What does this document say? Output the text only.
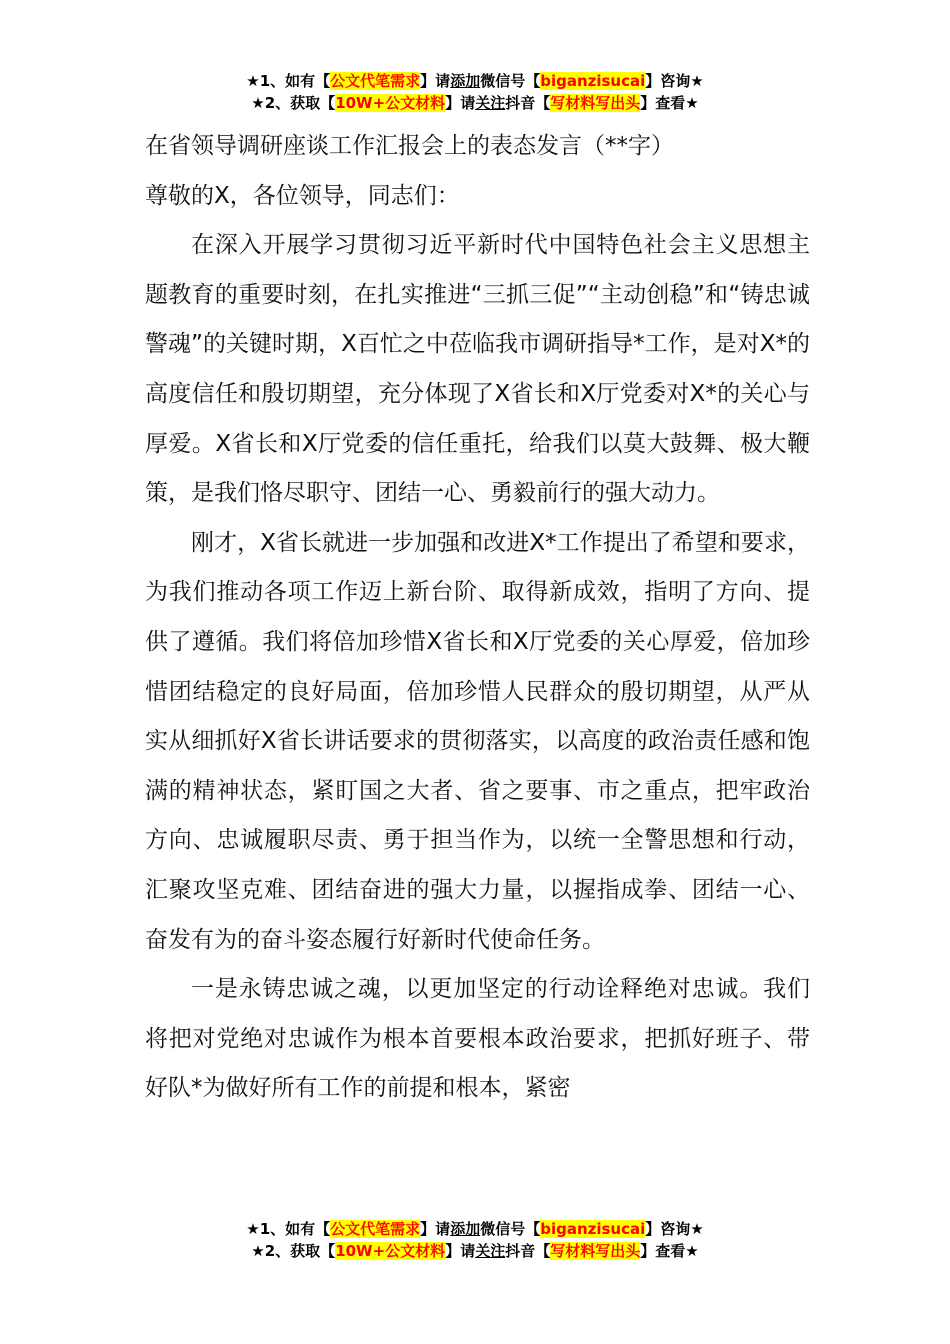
★1、如有【公文代笔需求】请添加微信号【biganzisucai】咨询★
★2、获取【10W+公文材料】请关注抖音【写材料写出头】查看★

在省领导调研座谈工作汇报会上的表态发言（**字）

尊敬的X，各位领导，同志们：

在深入开展学习贯彻习近平新时代中国特色社会主义思想主题教育的重要时刻，在扎实推进“三抓三促”“主动创稳”和“铸忠诚警魂”的关键时期，X百忙之中莅临我市调研指导*工作，是对X*的高度信任和殷切期望，充分体现了X省长和X厅党委对X*的关心与厚爱。X省长和X厅党委的信任重托，给我们以莫大鼓舞、极大鞭策，是我们恪尽职守、团结一心、勇毅前行的强大动力。

刚才，X省长就进一步加强和改进X*工作提出了希望和要求，为我们推动各项工作迈上新台阶、取得新成效，指明了方向、提供了遵循。我们将倍加珍惜X省长和X厅党委的关心厚爱，倍加珍惜团结稳定的良好局面，倍加珍惜人民群众的殷切期望，从严从实从细抓好X省长讲话要求的贯彻落实，以高度的政治责任感和饱满的精神状态，紧盯国之大者、省之要事、市之重点，把牢政治方向、忠诚履职尽责、勇于担当作为，以统一全警思想和行动，汇聚攻坚克难、团结奋进的强大力量，以握指成拳、团结一心、奋发有为的奋斗姿态履行好新时代使命任务。

一是永铸忠诚之魂，以更加坚定的行动诠释绝对忠诚。我们将把对党绝对忠诚作为根本首要根本政治要求，把抓好班子、带好队*为做好所有工作的前提和根本，紧密

★1、如有【公文代笔需求】请添加微信号【biganzisucai】咨询★
★2、获取【10W+公文材料】请关注抖音【写材料写出头】查看★
